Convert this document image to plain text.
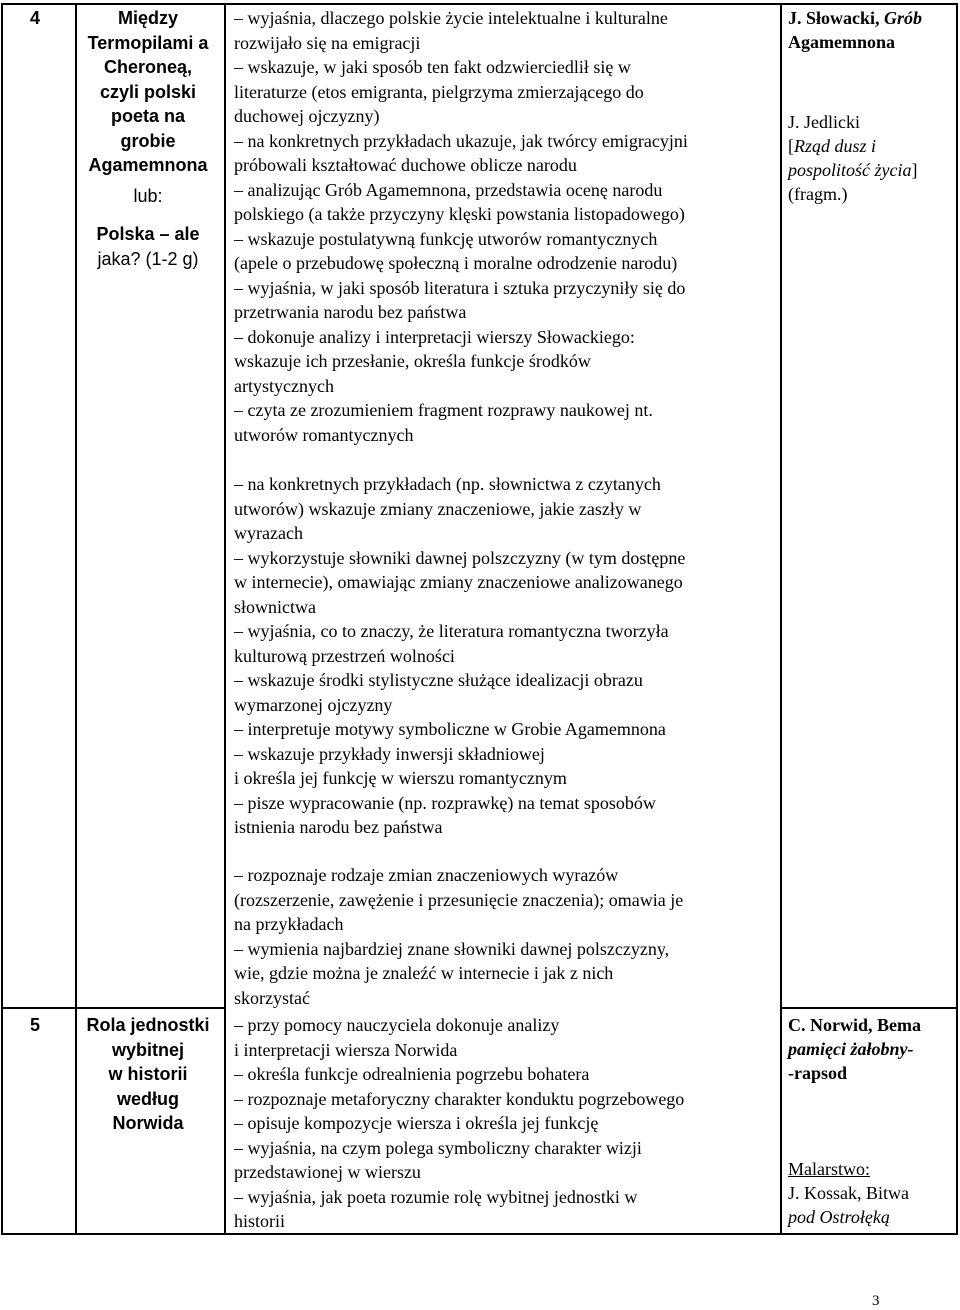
4	Między
Termopilami a
Cheroneą,
czyli polski
poeta na
grobie
Agamemnona
lub:
Polska – ale
jaka? (1-2 g)
– wyjaśnia, dlaczego polskie życie intelektualne i kulturalne
rozwijało się na emigracji
– wskazuje, w jaki sposób ten fakt odzwierciedlił się w
literaturze (etos emigranta, pielgrzyma zmierzającego do
duchowej ojczyzny)
– na konkretnych przykładach ukazuje, jak twórcy emigracyjni
próbowali kształtować duchowe oblicze narodu
– analizując Grób Agamemnona, przedstawia ocenę narodu
polskiego (a także przyczyny klęski powstania listopadowego)
– wskazuje postulatywną funkcję utworów romantycznych
(apele o przebudowę społeczną i moralne odrodzenie narodu)
– wyjaśnia, w jaki sposób literatura i sztuka przyczyniły się do
przetrwania narodu bez państwa
– dokonuje analizy i interpretacji wierszy Słowackiego:
wskazuje ich przesłanie, określa funkcje środków
artystycznych
– czyta ze zrozumieniem fragment rozprawy naukowej nt.
utworów romantycznych
– na konkretnych przykładach (np. słownictwa z czytanych
utworów) wskazuje zmiany znaczeniowe, jakie zaszły w
wyrazach
– wykorzystuje słowniki dawnej polszczyzny (w tym dostępne
w internecie), omawiając zmiany znaczeniowe analizowanego
słownictwa
– wyjaśnia, co to znaczy, że literatura romantyczna tworzyła
kulturową przestrzeń wolności
– wskazuje środki stylistyczne służące idealizacji obrazu
wymarzonej ojczyzny
– interpretuje motywy symboliczne w Grobie Agamemnona
– wskazuje przykłady inwersji składniowej
i określa jej funkcję w wierszu romantycznym
– pisze wypracowanie (np. rozprawkę) na temat sposobów
istnienia narodu bez państwa
– rozpoznaje rodzaje zmian znaczeniowych wyrazów
(rozszerzenie, zawężenie i przesunięcie znaczenia); omawia je
na przykładach
– wymienia najbardziej znane słowniki dawnej polszczyzny,
wie, gdzie można je znaleźć w internecie i jak z nich
skorzystać
J. Słowacki, Grób
Agamemnona
J. Jedlicki
[Rząd dusz i
pospolitość życia]
(fragm.)
5	Rola jednostki
wybitnej
w historii
według
Norwida
– przy pomocy nauczyciela dokonuje analizy
i interpretacji wiersza Norwida
– określa funkcje odrealnienia pogrzebu bohatera
– rozpoznaje metaforyczny charakter konduktu pogrzebowego
– opisuje kompozycje wiersza i określa jej funkcję
– wyjaśnia, na czym polega symboliczny charakter wizji
przedstawionej w wierszu
– wyjaśnia, jak poeta rozumie rolę wybitnej jednostki w
historii
C. Norwid, Bema
pamięci żałobny-
-rapsod
Malarstwo:
J. Kossak, Bitwa
pod Ostrołęką
3
